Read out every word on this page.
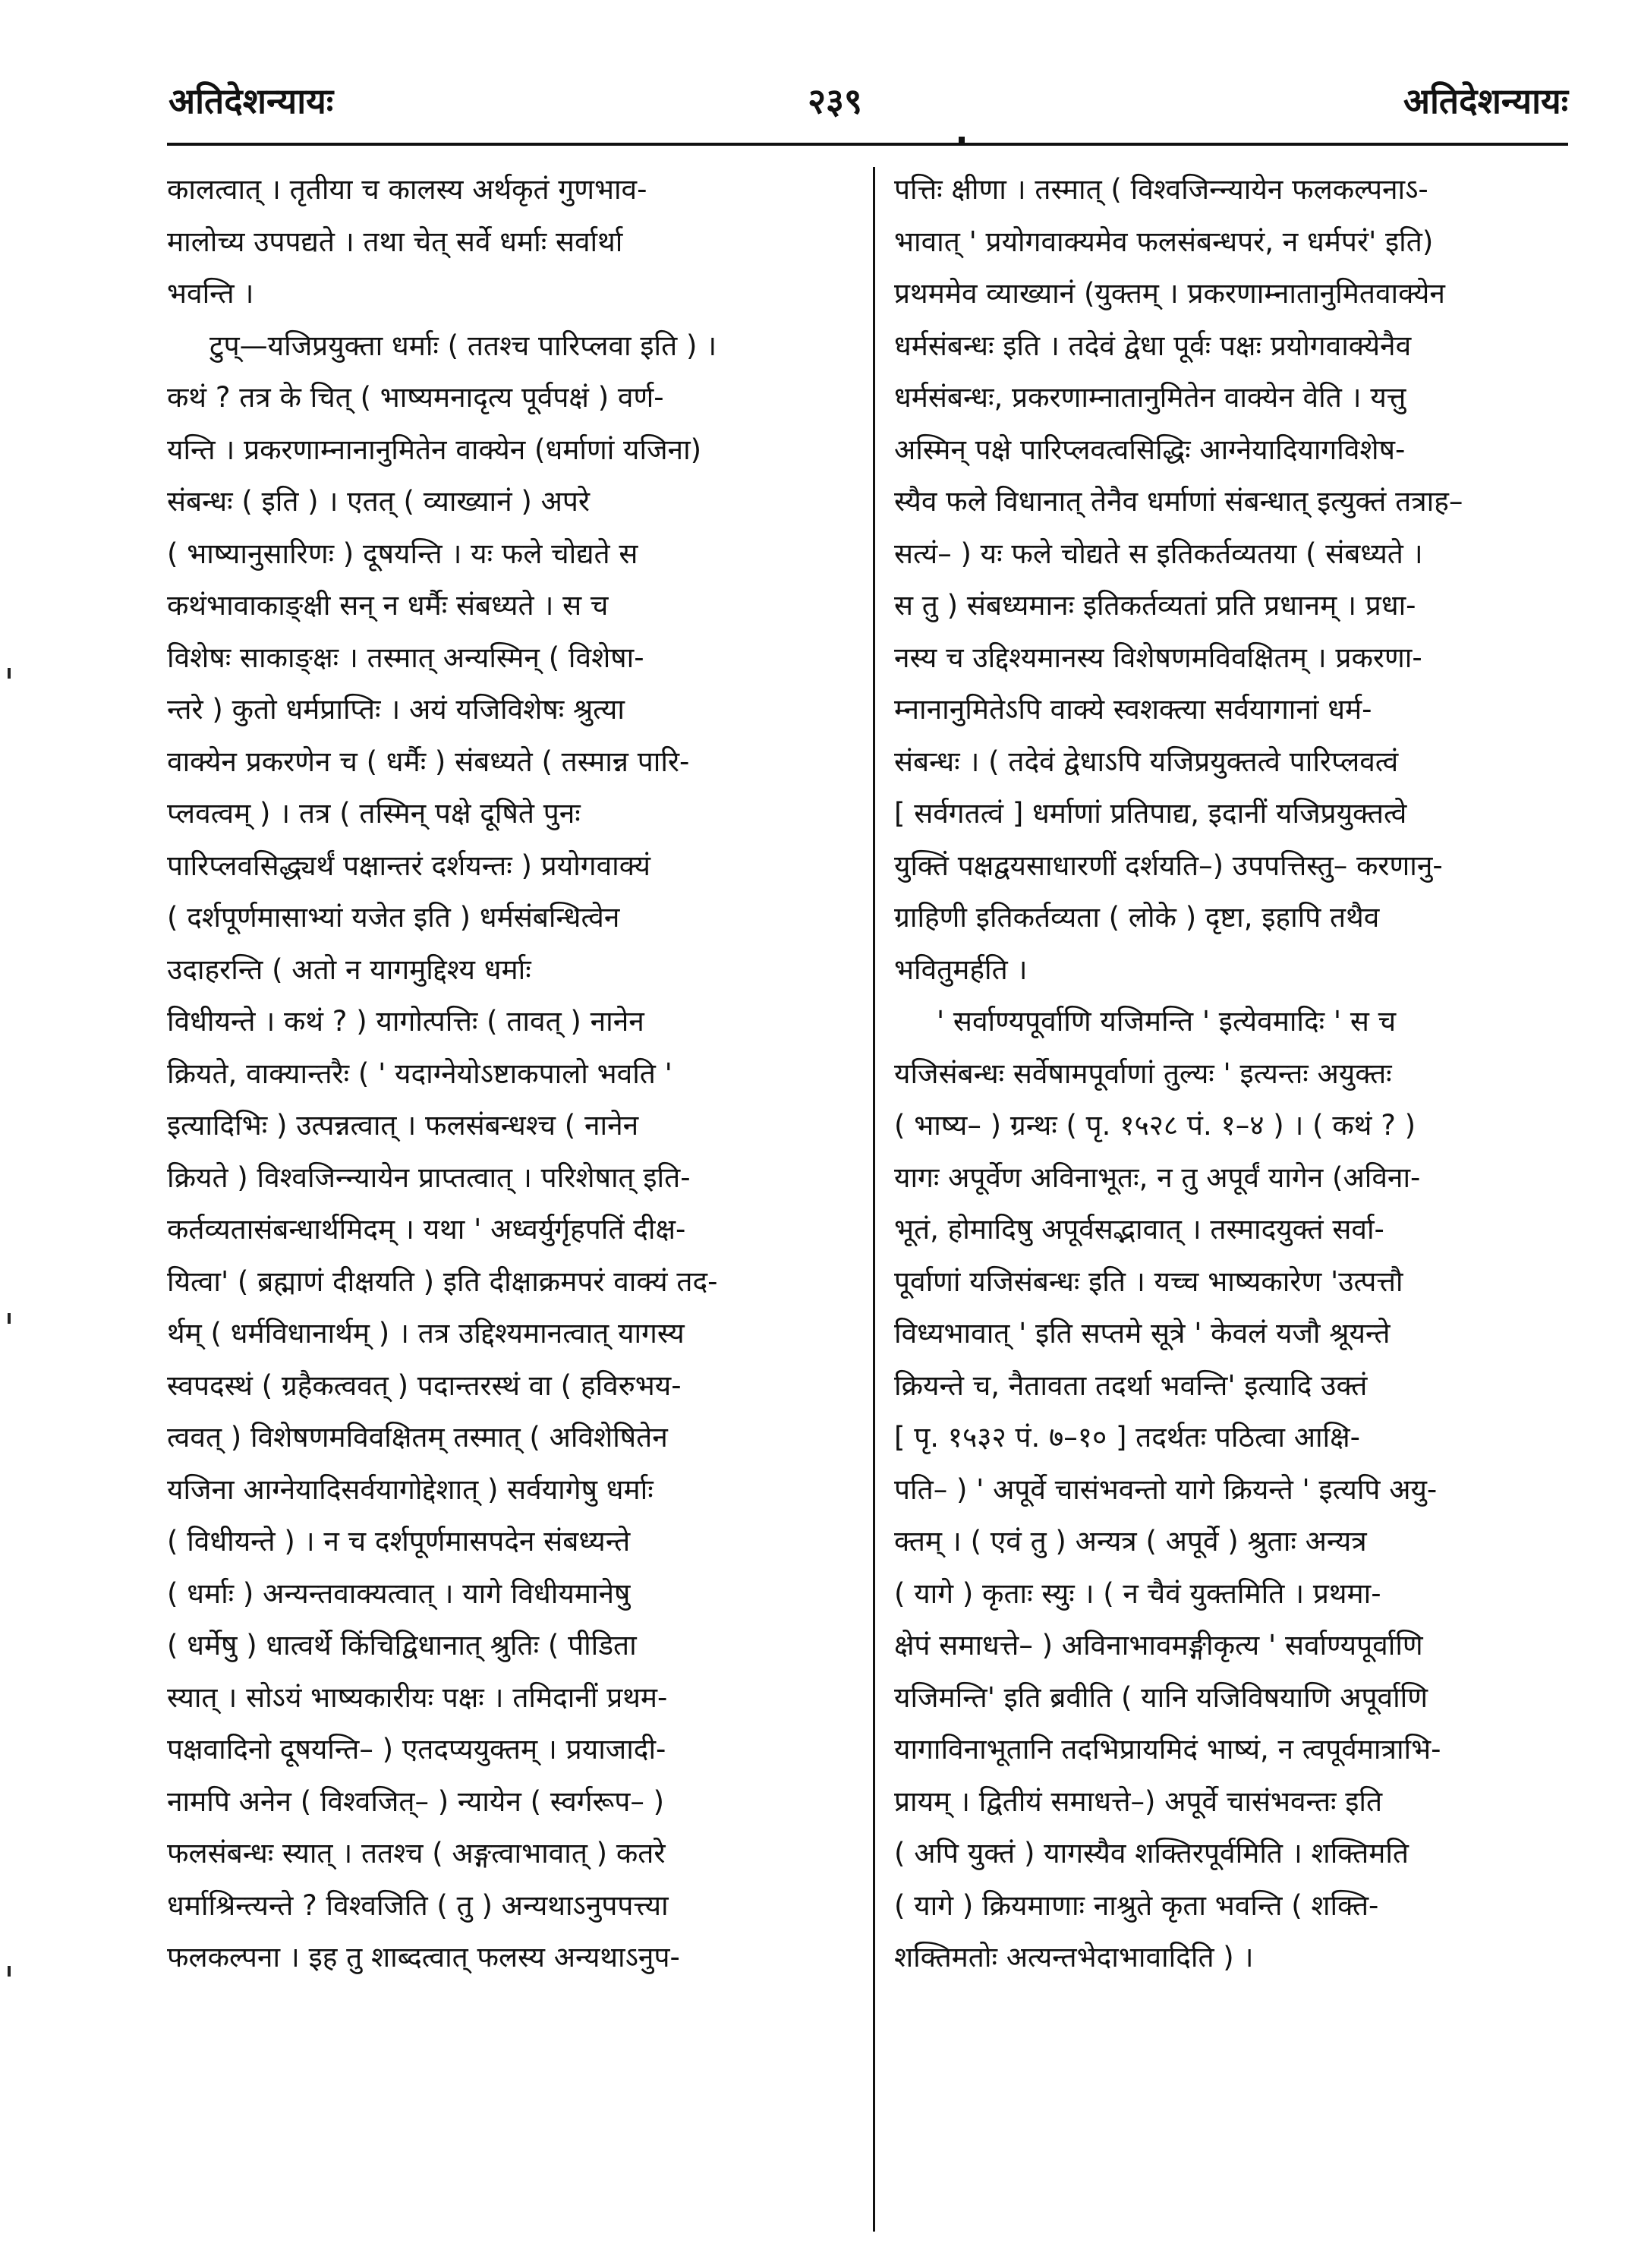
अतिदेशन्यायः	२३९	अतिदेशन्यायः
कालत्वात् । तृतीया च कालस्य अर्थकृतं गुणभाव-
मालोच्य उपपद्यते । तथा चेत् सर्वे धर्माः सर्वार्था
भवन्ति ।
टुप्—यजिप्रयुक्ता धर्माः ( ततश्च पारिप्लवा इति ) ।
कथं ? तत्र के चित् ( भाष्यमनादृत्य पूर्वपक्षं ) वर्ण-
यन्ति । प्रकरणाम्नानानुमितेन वाक्येन (धर्माणां यजिना)
संबन्धः ( इति ) । एतत् ( व्याख्यानं ) अपरे
( भाष्यानुसारिणः ) दूषयन्ति । यः फले चोद्यते स
कथंभावाकाङ्क्षी सन् न धर्मैः संबध्यते । स च
विशेषः साकाङ्क्षः । तस्मात् अन्यस्मिन् ( विशेषा-
न्तरे ) कुतो धर्मप्राप्तिः । अयं यजिविशेषः श्रुत्या
वाक्येन प्रकरणेन च ( धर्मैः ) संबध्यते ( तस्मान्न पारि-
प्लवत्वम् ) । तत्र ( तस्मिन् पक्षे दूषिते पुनः
पारिप्लवसिद्ध्यर्थं पक्षान्तरं दर्शयन्तः ) प्रयोगवाक्यं
( दर्शपूर्णमासाभ्यां यजेत इति ) धर्मसंबन्धित्वेन
उदाहरन्ति ( अतो न यागमुद्दिश्य धर्माः
विधीयन्ते । कथं ? ) यागोत्पत्तिः ( तावत् ) नानेन
क्रियते, वाक्यान्तरैः ( ' यदाग्नेयोऽष्टाकपालो भवति '
इत्यादिभिः ) उत्पन्नत्वात् । फलसंबन्धश्च ( नानेन
क्रियते ) विश्वजिन्न्यायेन प्राप्तत्वात् । परिशेषात् इति-
कर्तव्यतासंबन्धार्थमिदम् । यथा ' अध्वर्युर्गृहपतिं दीक्ष-
यित्वा' ( ब्रह्माणं दीक्षयति ) इति दीक्षाक्रमपरं वाक्यं तद-
र्थम् ( धर्मविधानार्थम् ) । तत्र उद्दिश्यमानत्वात् यागस्य
स्वपदस्थं ( ग्रहैकत्ववत् ) पदान्तरस्थं वा ( हविरुभय-
त्ववत् ) विशेषणमविवक्षितम् तस्मात् ( अविशेषितेन
यजिना आग्नेयादिसर्वयागोद्देशात् ) सर्वयागेषु धर्माः
( विधीयन्ते ) । न च दर्शपूर्णमासपदेन संबध्यन्ते
( धर्माः ) अन्यन्तवाक्यत्वात् । यागे विधीयमानेषु
( धर्मेषु ) धात्वर्थे किंचिद्विधानात् श्रुतिः ( पीडिता
स्यात् । सोऽयं भाष्यकारीयः पक्षः । तमिदानीं प्रथम-
पक्षवादिनो दूषयन्ति– ) एतदप्ययुक्तम् । प्रयाजादी-
नामपि अनेन ( विश्वजित्– ) न्यायेन ( स्वर्गरूप– )
फलसंबन्धः स्यात् । ततश्च ( अङ्गत्वाभावात् ) कतरे
धर्माश्रिन्त्यन्ते ? विश्वजिति ( तु ) अन्यथाऽनुपपत्त्या
फलकल्पना । इह तु शाब्दत्वात् फलस्य अन्यथाऽनुप-
पत्तिः क्षीणा । तस्मात् ( विश्वजिन्न्यायेन फलकल्पनाऽ-
भावात् ' प्रयोगवाक्यमेव फलसंबन्धपरं, न धर्मपरं' इति)
प्रथममेव व्याख्यानं (युक्तम् । प्रकरणाम्नातानुमितवाक्येन
धर्मसंबन्धः इति । तदेवं द्वेधा पूर्वः पक्षः प्रयोगवाक्येनैव
धर्मसंबन्धः, प्रकरणाम्नातानुमितेन वाक्येन वेति । यत्तु
अस्मिन् पक्षे पारिप्लवत्वसिद्धिः आग्नेयादियागविशेष-
स्यैव फले विधानात् तेनैव धर्माणां संबन्धात् इत्युक्तं तत्राह–
सत्यं– ) यः फले चोद्यते स इतिकर्तव्यतया ( संबध्यते ।
स तु ) संबध्यमानः इतिकर्तव्यतां प्रति प्रधानम् । प्रधा-
नस्य च उद्दिश्यमानस्य विशेषणमविवक्षितम् । प्रकरणा-
म्नानानुमितेऽपि वाक्ये स्वशक्त्या सर्वयागानां धर्म-
संबन्धः । ( तदेवं द्वेधाऽपि यजिप्रयुक्तत्वे पारिप्लवत्वं
[ सर्वगतत्वं ] धर्माणां प्रतिपाद्य, इदानीं यजिप्रयुक्तत्वे
युक्तिं पक्षद्वयसाधारणीं दर्शयति–) उपपत्तिस्तु– करणानु-
ग्राहिणी इतिकर्तव्यता ( लोके ) दृष्टा, इहापि तथैव
भवितुमर्हति ।
' सर्वाण्यपूर्वाणि यजिमन्ति ' इत्येवमादिः ' स च
यजिसंबन्धः सर्वेषामपूर्वाणां तुल्यः ' इत्यन्तः अयुक्तः
( भाष्य– ) ग्रन्थः ( पृ. १५२८ पं. १–४ ) । ( कथं ? )
यागः अपूर्वेण अविनाभूतः, न तु अपूर्वं यागेन (अविना-
भूतं, होमादिषु अपूर्वसद्भावात् । तस्मादयुक्तं सर्वा-
पूर्वाणां यजिसंबन्धः इति । यच्च भाष्यकारेण 'उत्पत्तौ
विध्यभावात् ' इति सप्तमे सूत्रे ' केवलं यजौ श्रूयन्ते
क्रियन्ते च, नैतावता तदर्था भवन्ति' इत्यादि उक्तं
[ पृ. १५३२ पं. ७–१० ] तदर्थतः पठित्वा आक्षि-
पति– ) ' अपूर्वे चासंभवन्तो यागे क्रियन्ते ' इत्यपि अयु-
क्तम् । ( एवं तु ) अन्यत्र ( अपूर्वे ) श्रुताः अन्यत्र
( यागे ) कृताः स्युः । ( न चैवं युक्तमिति । प्रथमा-
क्षेपं समाधत्ते– ) अविनाभावमङ्गीकृत्य ' सर्वाण्यपूर्वाणि
यजिमन्ति' इति ब्रवीति ( यानि यजिविषयाणि अपूर्वाणि
यागाविनाभूतानि तदभिप्रायमिदं भाष्यं, न त्वपूर्वमात्राभि-
प्रायम् । द्वितीयं समाधत्ते–) अपूर्वे चासंभवन्तः इति
( अपि युक्तं ) यागस्यैव शक्तिरपूर्वमिति । शक्तिमति
( यागे ) क्रियमाणाः नाश्रुते कृता भवन्ति ( शक्ति-
शक्तिमतोः अत्यन्तभेदाभावादिति ) ।
